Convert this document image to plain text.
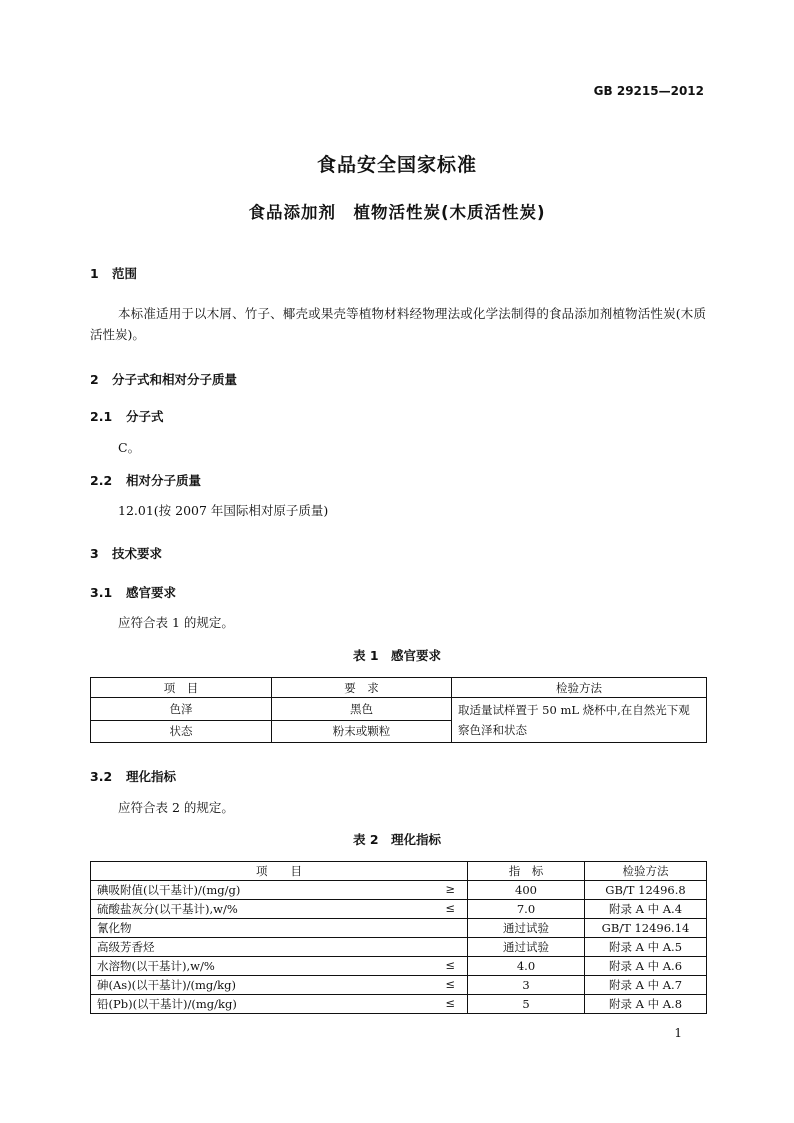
GB 29215—2012
食品安全国家标准
食品添加剂　植物活性炭(木质活性炭)
1 范围
本标准适用于以木屑、竹子、椰壳或果壳等植物材料经物理法或化学法制得的食品添加剂植物活性炭(木质活性炭)。
2 分子式和相对分子质量
2.1 分子式
C。
2.2 相对分子质量
12.01(按 2007 年国际相对原子质量)
3 技术要求
3.1 感官要求
应符合表 1 的规定。
表 1　感官要求
项　目	要　求	检验方法
色泽	黑色	取适量试样置于 50 mL 烧杯中,在自然光下观察色泽和状态
状态	粉末或颗粒	
3.2 理化指标
应符合表 2 的规定。
表 2　理化指标
项　　目	指　标	检验方法

碘吸附值(以干基计)/(mg/g) ≥	400	GB/T 12496.8

硫酸盐灰分(以干基计),w/% ≤	7.0	附录 A 中 A.4

氰化物	通过试验	GB/T 12496.14

高级芳香烃	通过试验	附录 A 中 A.5

水溶物(以干基计),w/% ≤	4.0	附录 A 中 A.6

砷(As)(以干基计)/(mg/kg) ≤	3	附录 A 中 A.7

铅(Pb)(以干基计)/(mg/kg) ≤	5	附录 A 中 A.8
1
